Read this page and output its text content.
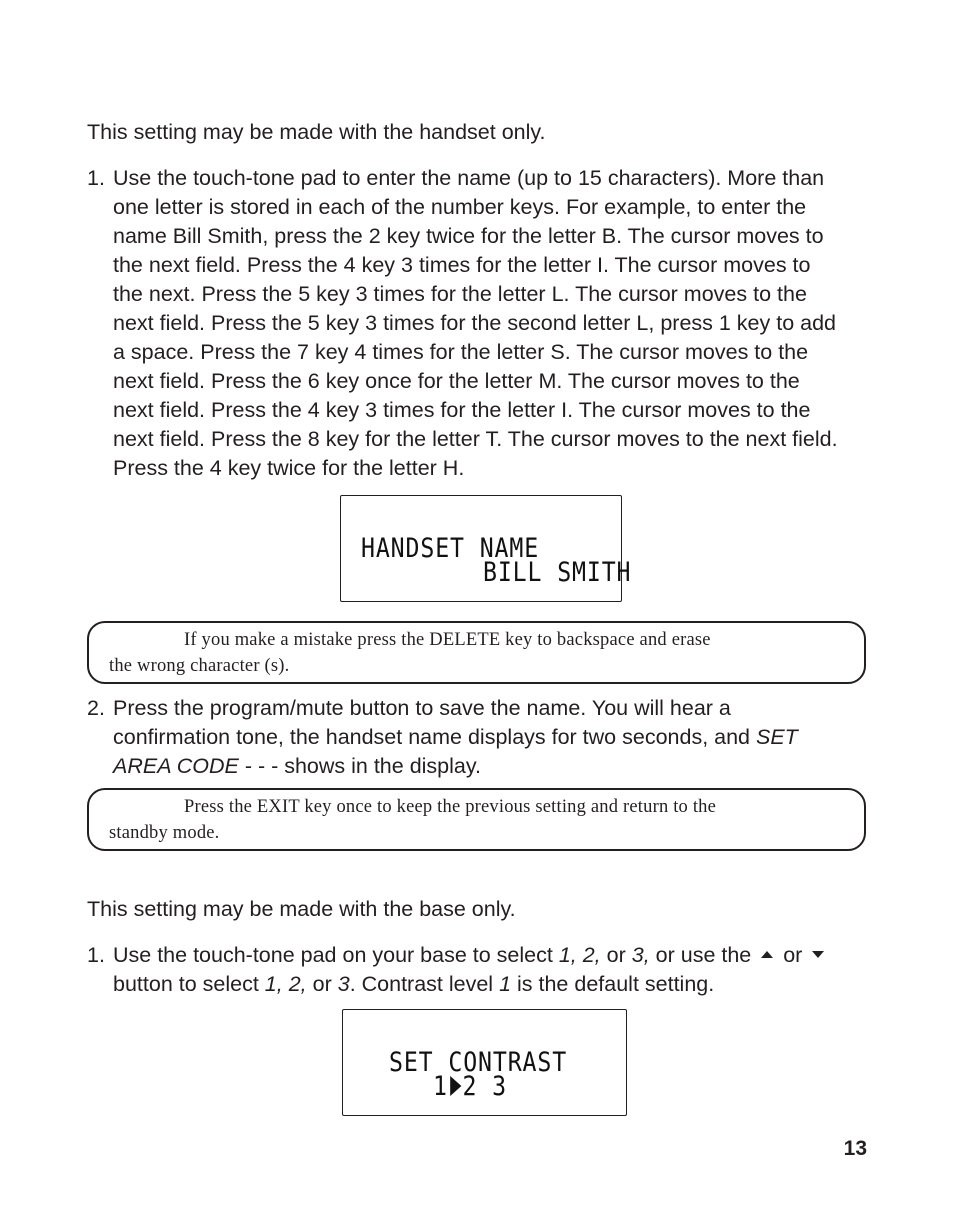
This setting may be made with the handset only.
1. Use the touch-tone pad to enter the name (up to 15 characters). More than
one letter is stored in each of the number keys. For example, to enter the
name Bill Smith, press the 2 key twice for the letter B. The cursor moves to
the next field. Press the 4 key 3 times for the letter I. The cursor moves to
the next. Press the 5 key 3 times for the letter L. The cursor moves to the
next field. Press the 5 key 3 times for the second letter L, press 1 key to add
a space. Press the 7 key 4 times for the letter S. The cursor moves to the
next field. Press the 6 key once for the letter M. The cursor moves to the
next field. Press the 4 key 3 times for the letter I. The cursor moves to the
next field. Press the 8 key for the letter T. The cursor moves to the next field.
Press the 4 key twice for the letter H.
HANDSET NAME
BILL SMITH
If you make a mistake press the DELETE key to backspace and erase
the wrong character (s).
2. Press the program/mute button to save the name. You will hear a
confirmation tone, the handset name displays for two seconds, and SET
AREA CODE - - - shows in the display.
Press the EXIT key once to keep the previous setting and return to the
standby mode.
This setting may be made with the base only.
1. Use the touch-tone pad on your base to select 1, 2, or 3, or use the  or
button to select 1, 2, or 3. Contrast level 1 is the default setting.
SET CONTRAST
1 2 3
13
